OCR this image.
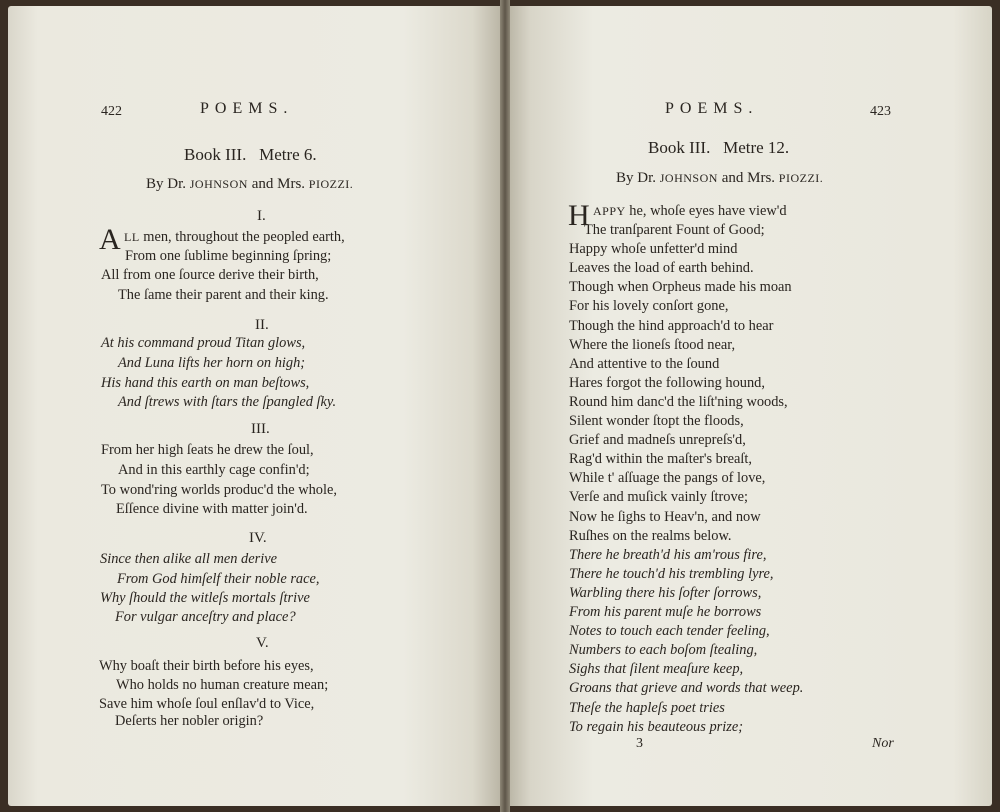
422	POEMS.
Book III.   Metre 6.
By Dr. JOHNSON and Mrs. PIOZZI.
I.
A LL men, throughout the peopled earth,
From one ſublime beginning ſpring;
All from one ſource derive their birth,
The ſame their parent and their king.
II.
At his command proud Titan glows,
And Luna lifts her horn on high;
His hand this earth on man beſtows,
And ſtrews with ſtars the ſpangled ſky.
III.
From her high ſeats he drew the ſoul,
And in this earthly cage confin'd;
To wond'ring worlds produc'd the whole,
Eſſence divine with matter join'd.
IV.
Since then alike all men derive
From God himſelf their noble race,
Why ſhould the witleſs mortals ſtrive
For vulgar anceſtry and place?
V.
Why boaſt their birth before his eyes,
Who holds no human creature mean;
Save him whoſe ſoul enſlav'd to Vice,
Deſerts her nobler origin?
POEMS.	423
Book III.   Metre 12.
By Dr. JOHNSON and Mrs. PIOZZI.
H APPY he, whoſe eyes have view'd
The tranſparent Fount of Good;
Happy whoſe unfetter'd mind
Leaves the load of earth behind.
Though when Orpheus made his moan
For his lovely conſort gone,
Though the hind approach'd to hear
Where the lioneſs ſtood near,
And attentive to the ſound
Hares forgot the following hound,
Round him danc'd the liſt'ning woods,
Silent wonder ſtopt the floods,
Grief and madneſs unrepreſs'd,
Rag'd within the maſter's breaſt,
While t' aſſuage the pangs of love,
Verſe and muſick vainly ſtrove;
Now he ſighs to Heav'n, and now
Ruſhes on the realms below.
There he breath'd his am'rous fire,
There he touch'd his trembling lyre,
Warbling there his ſofter ſorrows,
From his parent muſe he borrows
Notes to touch each tender feeling,
Numbers to each boſom ſtealing,
Sighs that ſilent meaſure keep,
Groans that grieve and words that weep.
Theſe the hapleſs poet tries
To regain his beauteous prize;
3	Nor
